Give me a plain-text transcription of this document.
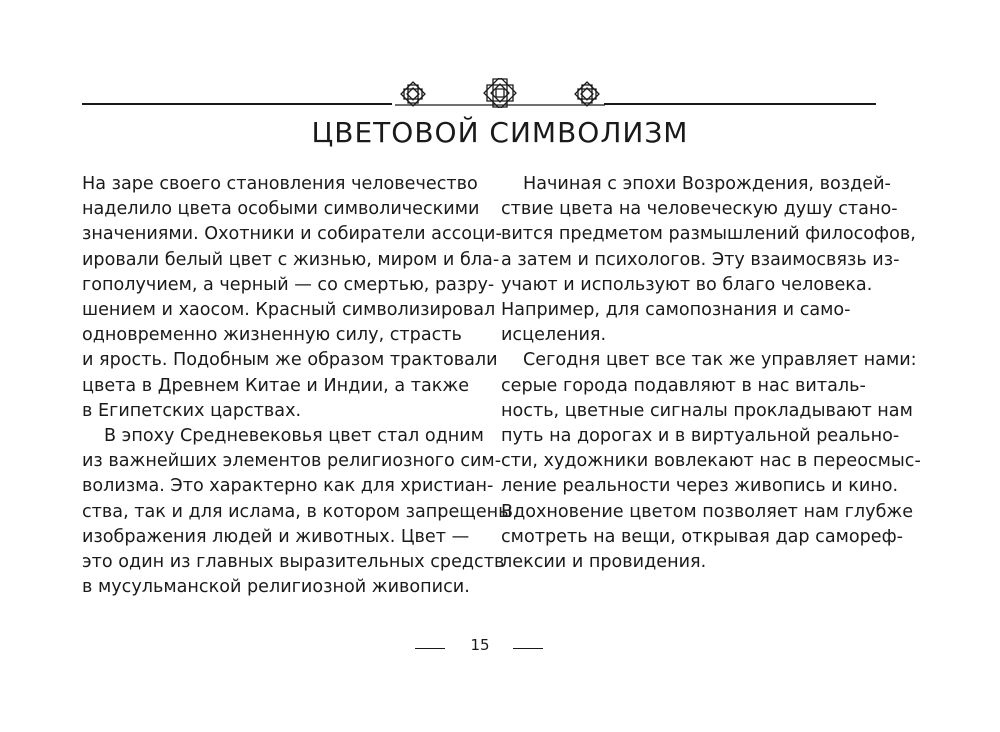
ЦВЕТОВОЙ СИМВОЛИЗМ
На заре своего становления человечество
наделило цвета особыми символическими
значениями. Охотники и собиратели ассоци-
ировали белый цвет с жизнью, миром и бла-
гополучием, а черный — со смертью, разру-
шением и хаосом. Красный символизировал
одновременно жизненную силу, страсть
и ярость. Подобным же образом трактовали
цвета в Древнем Китае и Индии, а также
в Египетских царствах.
В эпоху Средневековья цвет стал одним
из важнейших элементов религиозного сим-
волизма. Это характерно как для христиан-
ства, так и для ислама, в котором запрещены
изображения людей и животных. Цвет —
это один из главных выразительных средств
в мусульманской религиозной живописи.
Начиная с эпохи Возрождения, воздей-
ствие цвета на человеческую душу стано-
вится предметом размышлений философов,
а затем и психологов. Эту взаимосвязь из-
учают и используют во благо человека.
Например, для самопознания и само-
исцеления.
Сегодня цвет все так же управляет нами:
серые города подавляют в нас виталь-
ность, цветные сигналы прокладывают нам
путь на дорогах и в виртуальной реально-
сти, художники вовлекают нас в переосмыс-
ление реальности через живопись и кино.
Вдохновение цветом позволяет нам глубже
смотреть на вещи, открывая дар самореф-
лексии и провидения.
15
